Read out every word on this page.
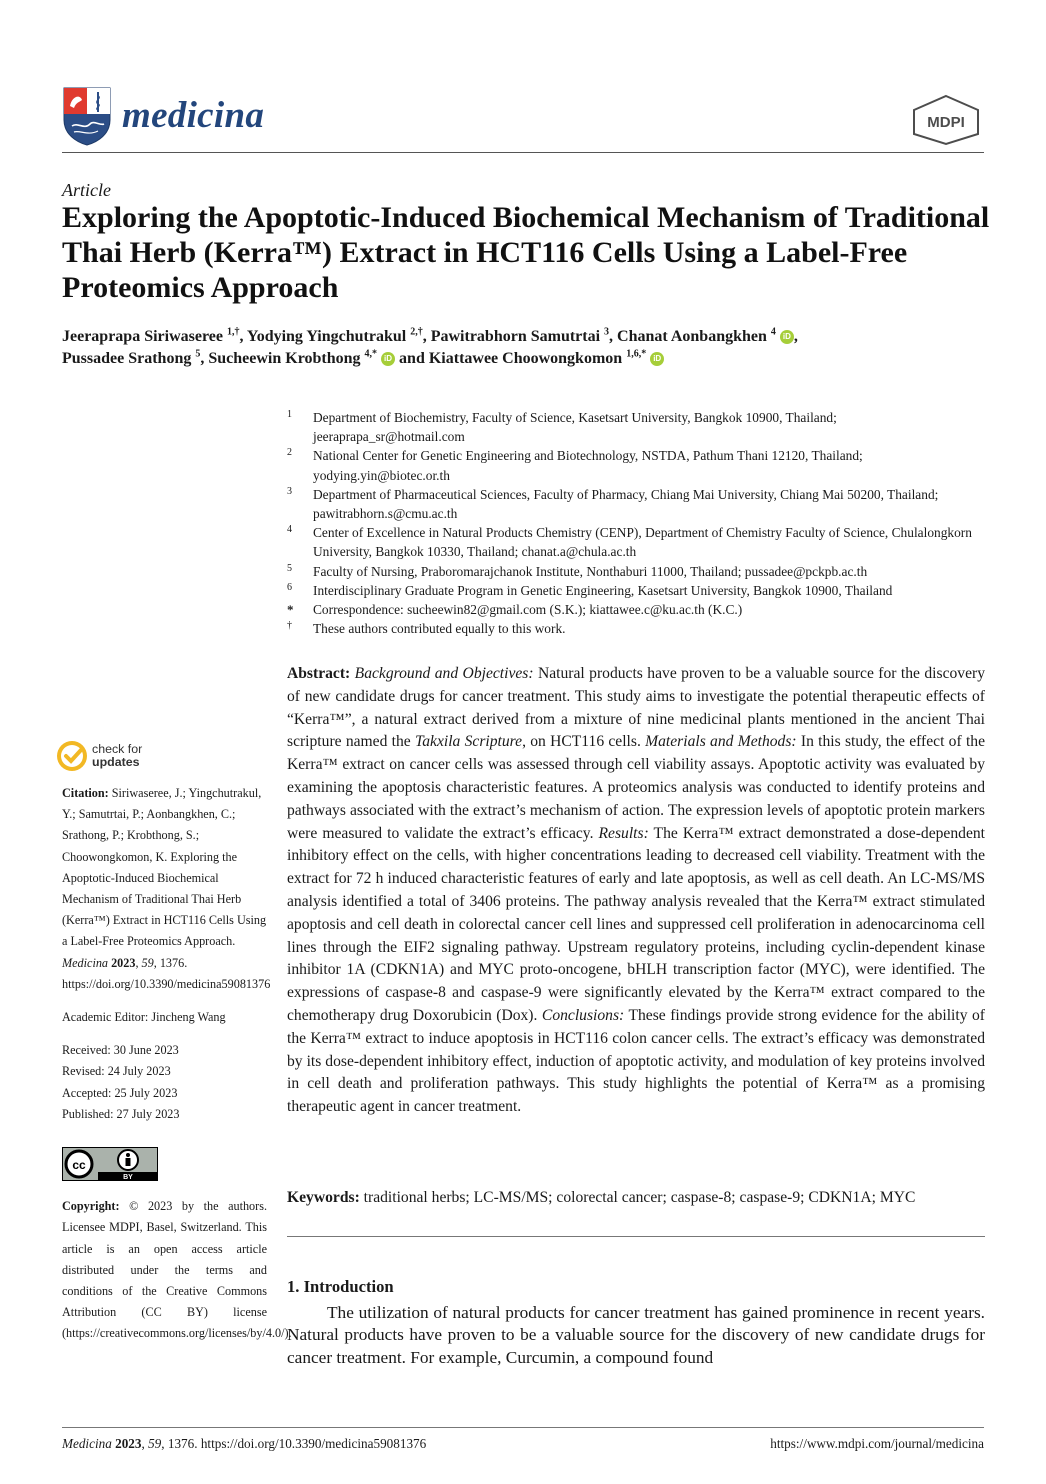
medicina	MDPI
Article
Exploring the Apoptotic-Induced Biochemical Mechanism of Traditional Thai Herb (Kerra™) Extract in HCT116 Cells Using a Label-Free Proteomics Approach
Jeeraprapa Siriwaseree $^{1,\dagger}$, Yodying Yingchutrakul $^{2,\dagger}$, Pawitrabhorn Samutrtai $^3$, Chanat Aonbangkhen $^4$ iD ,
Pussadee Srathong $^5$, Sucheewin Krobthong $^{4,*}$ iD and Kiattawee Choowongkomon $^{1,6,*}$ iD
1 Department of Biochemistry, Faculty of Science, Kasetsart University, Bangkok 10900, Thailand; jeeraprapa_sr@hotmail.com
2 National Center for Genetic Engineering and Biotechnology, NSTDA, Pathum Thani 12120, Thailand; yodying.yin@biotec.or.th
3 Department of Pharmaceutical Sciences, Faculty of Pharmacy, Chiang Mai University, Chiang Mai 50200, Thailand; pawitrabhorn.s@cmu.ac.th
4 Center of Excellence in Natural Products Chemistry (CENP), Department of Chemistry Faculty of Science, Chulalongkorn University, Bangkok 10330, Thailand; chanat.a@chula.ac.th
5 Faculty of Nursing, Praboromarajchanok Institute, Nonthaburi 11000, Thailand; pussadee@pckpb.ac.th
6 Interdisciplinary Graduate Program in Genetic Engineering, Kasetsart University, Bangkok 10900, Thailand
* Correspondence: sucheewin82@gmail.com (S.K.); kiattawee.c@ku.ac.th (K.C.)
† These authors contributed equally to this work.
Abstract: Background and Objectives: Natural products have proven to be a valuable source for the discovery of new candidate drugs for cancer treatment. This study aims to investigate the potential therapeutic effects of “Kerra™”, a natural extract derived from a mixture of nine medicinal plants mentioned in the ancient Thai scripture named the Takxila Scripture, on HCT116 cells. Materials and Methods: In this study, the effect of the Kerra™ extract on cancer cells was assessed through cell viability assays. Apoptotic activity was evaluated by examining the apoptosis characteristic features. A proteomics analysis was conducted to identify proteins and pathways associated with the extract’s mechanism of action. The expression levels of apoptotic protein markers were measured to validate the extract’s efficacy. Results: The Kerra™ extract demonstrated a dose-dependent inhibitory effect on the cells, with higher concentrations leading to decreased cell viability. Treatment with the extract for 72 h induced characteristic features of early and late apoptosis, as well as cell death. An LC-MS/MS analysis identified a total of 3406 proteins. The pathway analysis revealed that the Kerra™ extract stimulated apoptosis and cell death in colorectal cancer cell lines and suppressed cell proliferation in adenocarcinoma cell lines through the EIF2 signaling pathway. Upstream regulatory proteins, including cyclin-dependent kinase inhibitor 1A (CDKN1A) and MYC proto-oncogene, bHLH transcription factor (MYC), were identified. The expressions of caspase-8 and caspase-9 were significantly elevated by the Kerra™ extract compared to the chemotherapy drug Doxorubicin (Dox). Conclusions: These findings provide strong evidence for the ability of the Kerra™ extract to induce apoptosis in HCT116 colon cancer cells. The extract’s efficacy was demonstrated by its dose-dependent inhibitory effect, induction of apoptotic activity, and modulation of key proteins involved in cell death and proliferation pathways. This study highlights the potential of Kerra™ as a promising therapeutic agent in cancer treatment.
Keywords: traditional herbs; LC-MS/MS; colorectal cancer; caspase-8; caspase-9; CDKN1A; MYC
1. Introduction
The utilization of natural products for cancer treatment has gained prominence in recent years. Natural products have proven to be a valuable source for the discovery of new candidate drugs for cancer treatment. For example, Curcumin, a compound found
check for
updates
Citation: Siriwaseree, J.; Yingchutrakul, Y.; Samutrtai, P.; Aonbangkhen, C.; Srathong, P.; Krobthong, S.; Choowongkomon, K. Exploring the Apoptotic-Induced Biochemical Mechanism of Traditional Thai Herb (Kerra™) Extract in HCT116 Cells Using a Label-Free Proteomics Approach. Medicina 2023, 59, 1376. https://doi.org/10.3390/medicina59081376
Academic Editor: Jincheng Wang
Received: 30 June 2023
Revised: 24 July 2023
Accepted: 25 July 2023
Published: 27 July 2023
cc
BY
Copyright: © 2023 by the authors. Licensee MDPI, Basel, Switzerland. This article is an open access article distributed under the terms and conditions of the Creative Commons Attribution (CC BY) license (https://creativecommons.org/licenses/by/4.0/).
Medicina 2023, 59, 1376. https://doi.org/10.3390/medicina59081376	https://www.mdpi.com/journal/medicina
